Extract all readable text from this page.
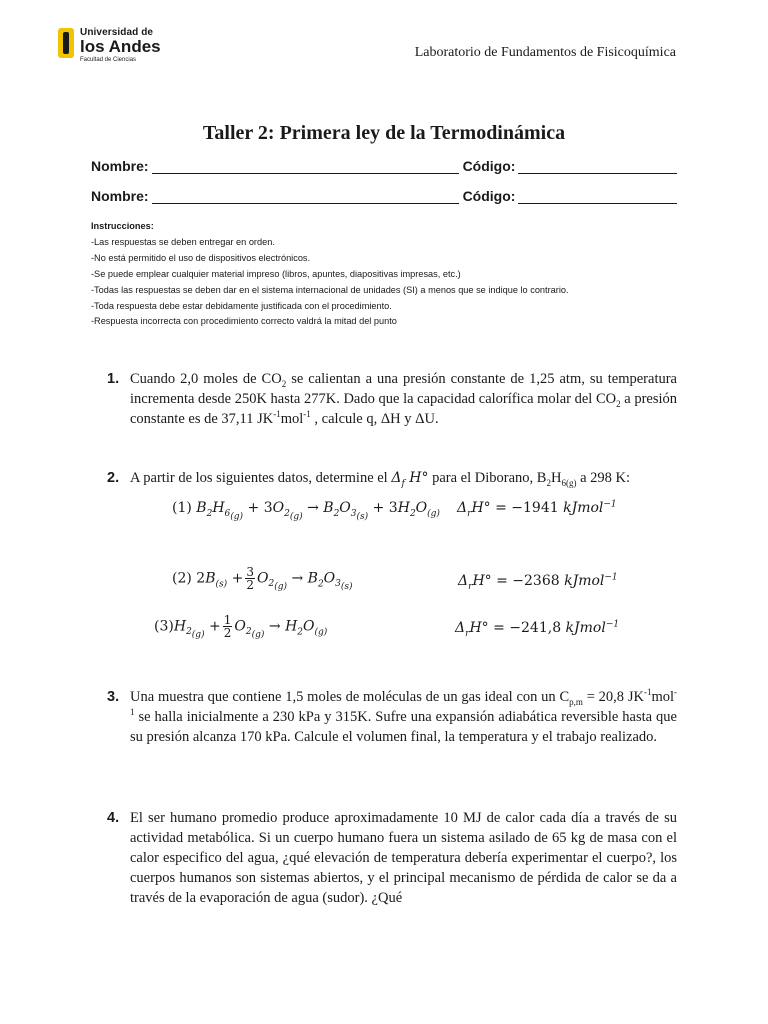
Universidad de
los Andes
Facultad de Ciencias	Laboratorio de Fundamentos de Fisicoquímica
Taller 2: Primera ley de la Termodinámica
Nombre:	Código:
Nombre:	Código:
Instrucciones:
-Las respuestas se deben entregar en orden.
-No está permitido el uso de dispositivos electrónicos.
-Se puede emplear cualquier material impreso (libros, apuntes, diapositivas impresas, etc.)
-Todas las respuestas se deben dar en el sistema internacional de unidades (SI) a menos que se indique lo contrario.
-Toda respuesta debe estar debidamente justificada con el procedimiento.
-Respuesta incorrecta con procedimiento correcto valdrá la mitad del punto
1. Cuando 2,0 moles de $CO_2$ se calientan a una presión constante de 1,25 atm, su temperatura incrementa desde 250K hasta 277K. Dado que la capacidad calorífica molar del $CO_2$ a presión constante es de 37,11 $JK^{-1}mol^{-1}$ , calcule q, ΔH y ΔU.
2. A partir de los siguientes datos, determine el $\Delta_f$ H° para el Diborano, $B_2H_{6(g)}$ a 298 K:
(1) $B_2H_{6_{(g)}} + 3O_{2_{(g)}} \to B_2O_{3_{(s)}} + 3H_2O_{(g)}$ $\Delta_rH^\circ = -1941$ kJmol$^{-1}$
(2) $2B_{(s)} + \frac{3}{2} O_{2_{(g)}} \to B_2O_{3_{(s)}}$	$\Delta_rH^\circ = -2368$ kJmol$^{-1}$
$(3)H_{2_{(g)}} + \frac{1}{2} O_{2_{(g)}} \to H_2O_{(g)}$	$\Delta_rH^\circ = -241,8$ kJmol$^{-1}$
3. Una muestra que contiene 1,5 moles de moléculas de un gas ideal con un $C_{p,m} = 20,8$ $JK^{-1}mol^{-1}$ se halla inicialmente a 230 kPa y 315K. Sufre una expansión adiabática reversible hasta que su presión alcanza 170 kPa. Calcule el volumen final, la temperatura y el trabajo realizado.
4. El ser humano promedio produce aproximadamente 10 MJ de calor cada día a través de su actividad metabólica. Si un cuerpo humano fuera un sistema asilado de 65 kg de masa con el calor especifico del agua, ¿qué elevación de temperatura debería experimentar el cuerpo?, los cuerpos humanos son sistemas abiertos, y el principal mecanismo de pérdida de calor se da a través de la evaporación de agua (sudor). ¿Qué
